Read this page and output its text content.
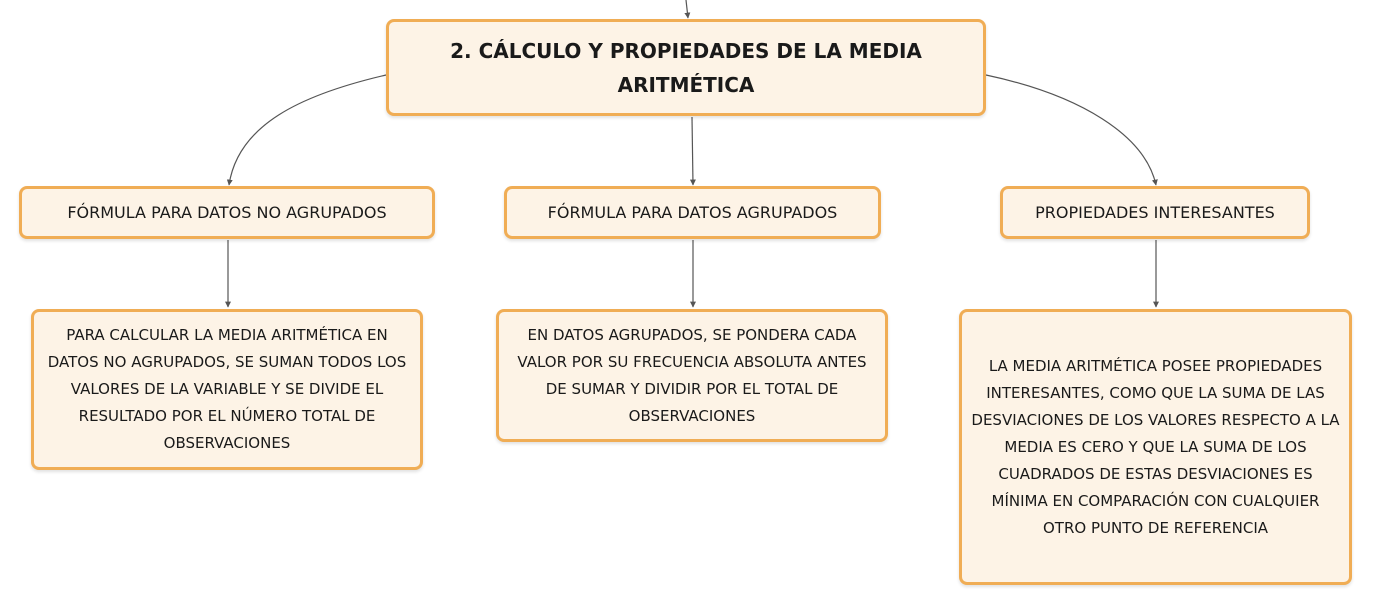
2. CÁLCULO Y PROPIEDADES DE LA MEDIA ARITMÉTICA
FÓRMULA PARA DATOS NO AGRUPADOS	FÓRMULA PARA DATOS AGRUPADOS	PROPIEDADES INTERESANTES
PARA CALCULAR LA MEDIA ARITMÉTICA EN DATOS NO AGRUPADOS, SE SUMAN TODOS LOS VALORES DE LA VARIABLE Y SE DIVIDE EL RESULTADO POR EL NÚMERO TOTAL DE OBSERVACIONES
EN DATOS AGRUPADOS, SE PONDERA CADA VALOR POR SU FRECUENCIA ABSOLUTA ANTES DE SUMAR Y DIVIDIR POR EL TOTAL DE OBSERVACIONES
LA MEDIA ARITMÉTICA POSEE PROPIEDADES INTERESANTES, COMO QUE LA SUMA DE LAS DESVIACIONES DE LOS VALORES RESPECTO A LA MEDIA ES CERO Y QUE LA SUMA DE LOS CUADRADOS DE ESTAS DESVIACIONES ES MÍNIMA EN COMPARACIÓN CON CUALQUIER OTRO PUNTO DE REFERENCIA
